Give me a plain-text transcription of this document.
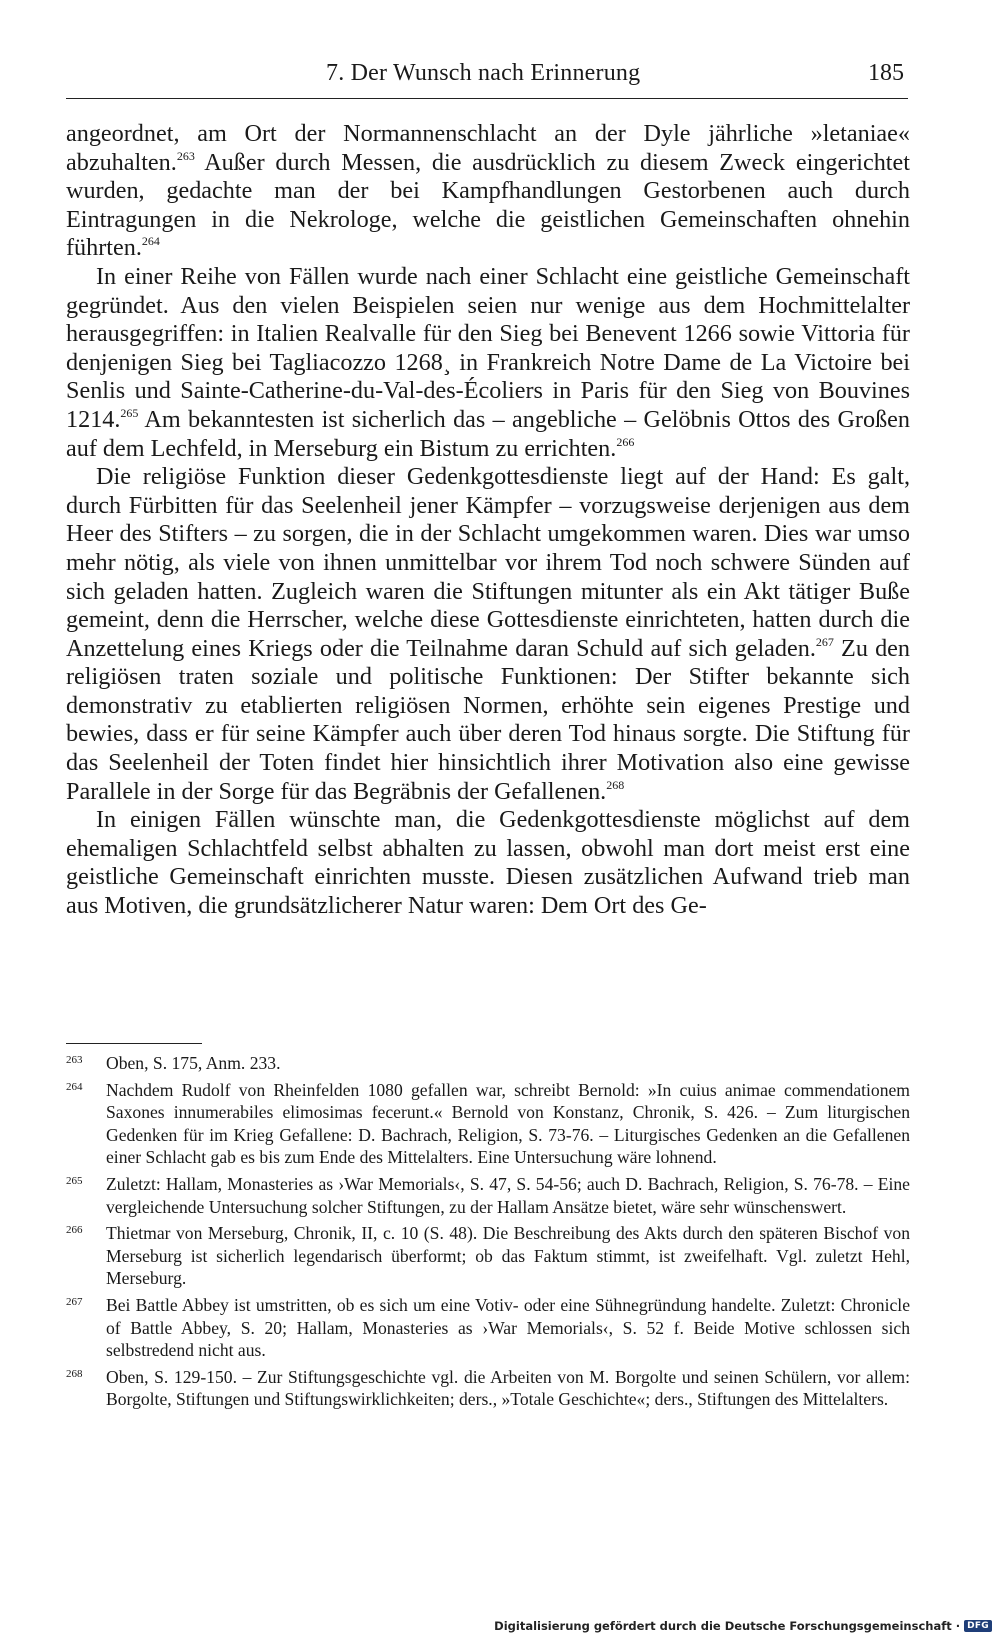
7. Der Wunsch nach Erinnerung	185

angeordnet, am Ort der Normannenschlacht an der Dyle jährliche »letaniae« abzuhalten.$^{263}$ Außer durch Messen, die ausdrücklich zu diesem Zweck eingerichtet wurden, gedachte man der bei Kampfhandlungen Gestorbenen auch durch Eintragungen in die Nekrologe, welche die geistlichen Gemeinschaften ohnehin führten.$^{264}$

In einer Reihe von Fällen wurde nach einer Schlacht eine geistliche Gemeinschaft gegründet. Aus den vielen Beispielen seien nur wenige aus dem Hochmittelalter herausgegriffen: in Italien Realvalle für den Sieg bei Benevent 1266 sowie Vittoria für denjenigen Sieg bei Tagliacozzo 1268¸ in Frankreich Notre Dame de La Victoire bei Senlis und Sainte-Catherine-du-Val-des-Écoliers in Paris für den Sieg von Bouvines 1214.$^{265}$ Am bekanntesten ist sicherlich das – angebliche – Gelöbnis Ottos des Großen auf dem Lechfeld, in Merseburg ein Bistum zu errichten.$^{266}$

Die religiöse Funktion dieser Gedenkgottesdienste liegt auf der Hand: Es galt, durch Fürbitten für das Seelenheil jener Kämpfer – vorzugsweise derjenigen aus dem Heer des Stifters – zu sorgen, die in der Schlacht umgekommen waren. Dies war umso mehr nötig, als viele von ihnen unmittelbar vor ihrem Tod noch schwere Sünden auf sich geladen hatten. Zugleich waren die Stiftungen mitunter als ein Akt tätiger Buße gemeint, denn die Herrscher, welche diese Gottesdienste einrichteten, hatten durch die Anzettelung eines Kriegs oder die Teilnahme daran Schuld auf sich geladen.$^{267}$ Zu den religiösen traten soziale und politische Funktionen: Der Stifter bekannte sich demonstrativ zu etablierten religiösen Normen, erhöhte sein eigenes Prestige und bewies, dass er für seine Kämpfer auch über deren Tod hinaus sorgte. Die Stiftung für das Seelenheil der Toten findet hier hinsichtlich ihrer Motivation also eine gewisse Parallele in der Sorge für das Begräbnis der Gefallenen.$^{268}$

In einigen Fällen wünschte man, die Gedenkgottesdienste möglichst auf dem ehemaligen Schlachtfeld selbst abhalten zu lassen, obwohl man dort meist erst eine geistliche Gemeinschaft einrichten musste. Diesen zusätzlichen Aufwand trieb man aus Motiven, die grundsätzlicherer Natur waren: Dem Ort des Ge-

263	Oben, S. 175, Anm. 233.
264	Nachdem Rudolf von Rheinfelden 1080 gefallen war, schreibt Bernold: »In cuius animae commendationem Saxones innumerabiles elimosimas fecerunt.« Bernold von Konstanz, Chronik, S. 426. – Zum liturgischen Gedenken für im Krieg Gefallene: D. Bachrach, Religion, S. 73-76. – Liturgisches Gedenken an die Gefallenen einer Schlacht gab es bis zum Ende des Mittelalters. Eine Untersuchung wäre lohnend.
265	Zuletzt: Hallam, Monasteries as ›War Memorials‹, S. 47, S. 54-56; auch D. Bachrach, Religion, S. 76-78. – Eine vergleichende Untersuchung solcher Stiftungen, zu der Hallam Ansätze bietet, wäre sehr wünschenswert.
266	Thietmar von Merseburg, Chronik, II, c. 10 (S. 48). Die Beschreibung des Akts durch den späteren Bischof von Merseburg ist sicherlich legendarisch überformt; ob das Faktum stimmt, ist zweifelhaft. Vgl. zuletzt Hehl, Merseburg.
267	Bei Battle Abbey ist umstritten, ob es sich um eine Votiv- oder eine Sühnegründung handelte. Zuletzt: Chronicle of Battle Abbey, S. 20; Hallam, Monasteries as ›War Memorials‹, S. 52 f. Beide Motive schlossen sich selbstredend nicht aus.
268	Oben, S. 129-150. – Zur Stiftungsgeschichte vgl. die Arbeiten von M. Borgolte und seinen Schülern, vor allem: Borgolte, Stiftungen und Stiftungswirklichkeiten; ders., »Totale Geschichte«; ders., Stiftungen des Mittelalters.
Digitalisierung gefördert durch die Deutsche Forschungsgemeinschaft · DFG
